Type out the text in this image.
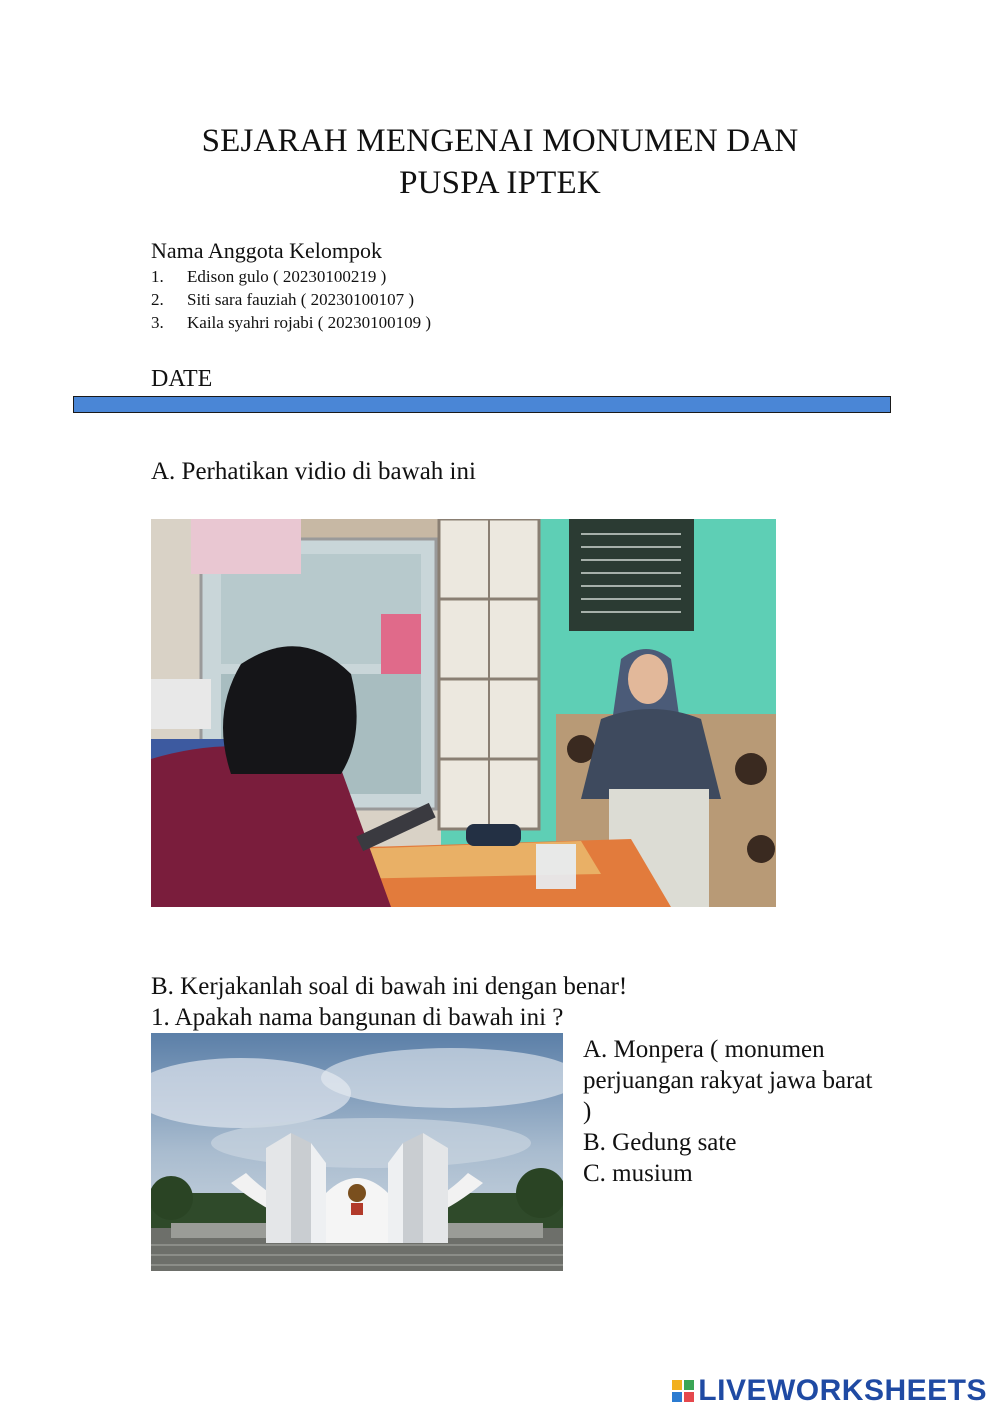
SEJARAH MENGENAI MONUMEN DAN
PUSPA IPTEK
Nama Anggota Kelompok
1. Edison gulo ( 20230100219 )
2. Siti sara fauziah ( 20230100107 )
3. Kaila syahri rojabi ( 20230100109 )
DATE
A. Perhatikan vidio di bawah ini
B. Kerjakanlah soal di bawah ini dengan benar!
1. Apakah nama bangunan di bawah ini ?
A. Monpera ( monumen perjuangan rakyat jawa barat )
B. Gedung sate
C. musium
LIVEWORKSHEETS
